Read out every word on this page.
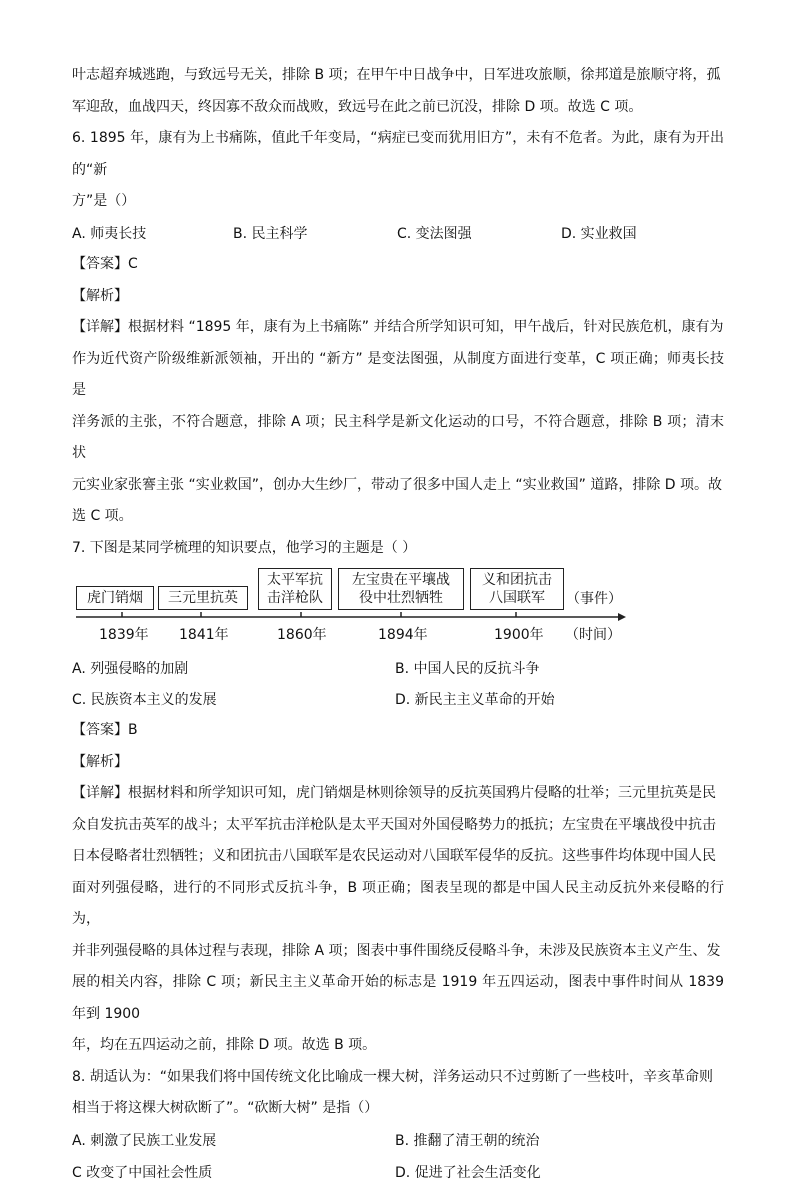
叶志超弃城逃跑，与致远号无关，排除 B 项；在甲午中日战争中，日军进攻旅顺，徐邦道是旅顺守将，孤

军迎敌，血战四天，终因寡不敌众而战败，致远号在此之前已沉没，排除 D 项。故选 C 项。

6. 1895 年，康有为上书痛陈，值此千年变局，“病症已变而犹用旧方”，未有不危者。为此，康有为开出的“新

方”是（）

A. 师夷长技	B. 民主科学	C. 变法图强	D. 实业救国

【答案】C

【解析】

【详解】根据材料 “1895 年，康有为上书痛陈” 并结合所学知识可知，甲午战后，针对民族危机，康有为

作为近代资产阶级维新派领袖，开出的 “新方” 是变法图强，从制度方面进行变革，C 项正确；师夷长技是

洋务派的主张，不符合题意，排除 A 项；民主科学是新文化运动的口号，不符合题意，排除 B 项；清末状

元实业家张謇主张 “实业救国”，创办大生纱厂，带动了很多中国人走上 “实业救国” 道路，排除 D 项。故

选 C 项。

7. 下图是某同学梳理的知识要点，他学习的主题是（ ）

虎门销烟 三元里抗英
太平军抗
击洋枪队
左宝贵在平壤战
役中壮烈牺牲
义和团抗击
八国联军 （事件）
1839年 1841年	1860年	1894年	1900年 （时间）
A. 列强侵略的加剧	B. 中国人民的反抗斗争
C. 民族资本主义的发展	D. 新民主主义革命的开始

【答案】B

【解析】

【详解】根据材料和所学知识可知，虎门销烟是林则徐领导的反抗英国鸦片侵略的壮举；三元里抗英是民

众自发抗击英军的战斗；太平军抗击洋枪队是太平天国对外国侵略势力的抵抗；左宝贵在平壤战役中抗击

日本侵略者壮烈牺牲；义和团抗击八国联军是农民运动对八国联军侵华的反抗。这些事件均体现中国人民

面对列强侵略，进行的不同形式反抗斗争，B 项正确；图表呈现的都是中国人民主动反抗外来侵略的行为，

并非列强侵略的具体过程与表现，排除 A 项；图表中事件围绕反侵略斗争，未涉及民族资本主义产生、发

展的相关内容，排除 C 项；新民主主义革命开始的标志是 1919 年五四运动，图表中事件时间从 1839 年到 1900

年，均在五四运动之前，排除 D 项。故选 B 项。

8. 胡适认为：“如果我们将中国传统文化比喻成一棵大树，洋务运动只不过剪断了一些枝叶，辛亥革命则

相当于将这棵大树砍断了”。“砍断大树” 是指（）

A. 刺激了民族工业发展	B. 推翻了清王朝的统治
C 改变了中国社会性质	D. 促进了社会生活变化
